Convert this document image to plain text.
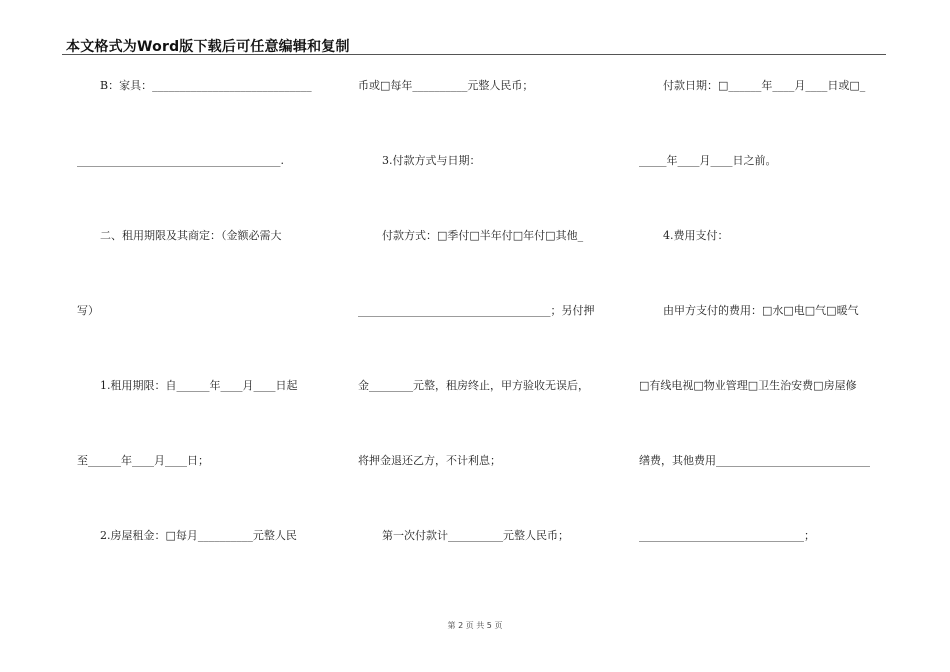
本文格式为Word版下载后可任意编辑和复制
B：家具：_____________________________
_____________________________________.
二、租用期限及其商定：（金额必需大
写）
1.租用期限：自______年____月____日起
至______年____月____日；
2.房屋租金：□每月__________元整人民
币或□每年__________元整人民币；
3.付款方式与日期：
付款方式：□季付□半年付□年付□其他_
___________________________________；另付押
金________元整，租房终止，甲方验收无误后，
将押金退还乙方，不计利息；
第一次付款计__________元整人民币；
付款日期：□______年____月____日或□_
_____年____月____日之前。
4.费用支付：
由甲方支付的费用：□水□电□气□暖气
□有线电视□物业管理□卫生治安费□房屋修
缮费，其他费用____________________________
______________________________；
第 2 页 共 5 页
